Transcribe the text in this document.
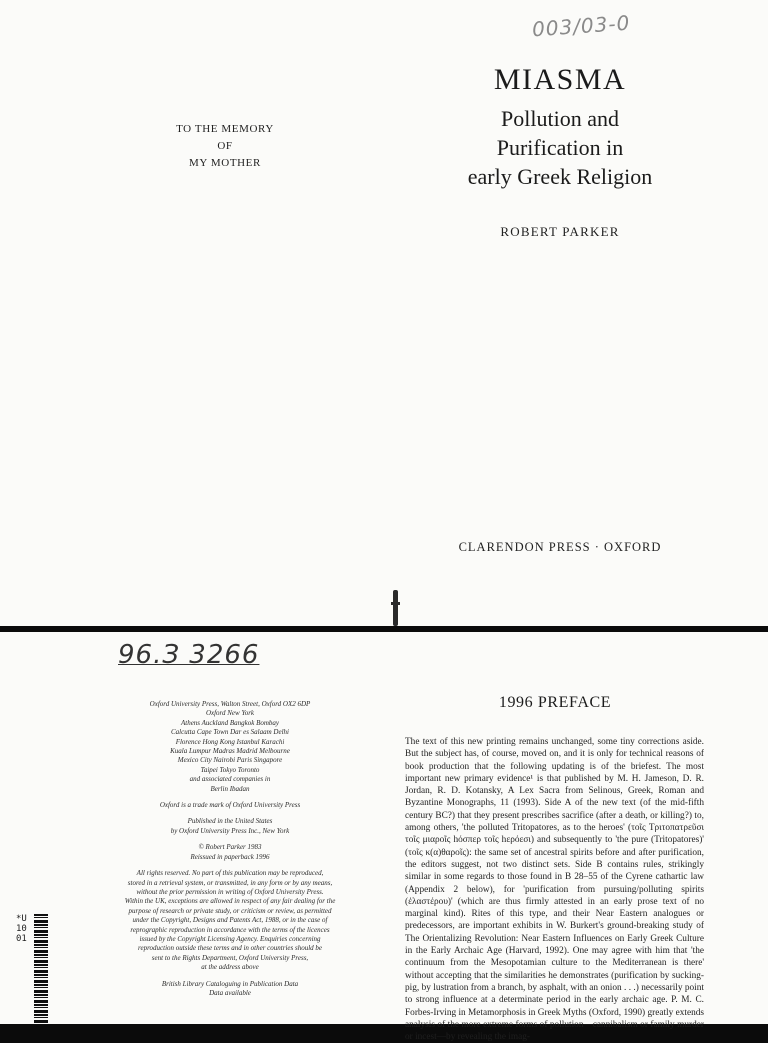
003/03-0
TO THE MEMORY
OF
MY MOTHER
MIASMA
Pollution and
Purification in
early Greek Religion
ROBERT PARKER
CLARENDON PRESS · OXFORD
96.З 3266
Oxford University Press, Walton Street, Oxford OX2 6DP
Oxford New York
Athens Auckland Bangkok Bombay
Calcutta Cape Town Dar es Salaam Delhi
Florence Hong Kong Istanbul Karachi
Kuala Lumpur Madras Madrid Melbourne
Mexico City Nairobi Paris Singapore
Taipei Tokyo Toronto
and associated companies in
Berlin Ibadan
Oxford is a trade mark of Oxford University Press
Published in the United States
by Oxford University Press Inc., New York
© Robert Parker 1983
Reissued in paperback 1996
All rights reserved. No part of this publication may be reproduced,
stored in a retrieval system, or transmitted, in any form or by any means,
without the prior permission in writing of Oxford University Press.
Within the UK, exceptions are allowed in respect of any fair dealing for the
purpose of research or private study, or criticism or review, as permitted
under the Copyright, Designs and Patents Act, 1988, or in the case of
reprographic reproduction in accordance with the terms of the licences
issued by the Copyright Licensing Agency. Enquiries concerning
reproduction outside these terms and in other countries should be
sent to the Rights Department, Oxford University Press,
at the address above
British Library Cataloguing in Publication Data
Data available
*U1001
1996 PREFACE

The text of this new printing remains unchanged, some tiny corrections aside. But the subject has, of course, moved on, and it is only for technical reasons of book production that the following updating is of the briefest. The most important new primary evidence¹ is that published by M. H. Jameson, D. R. Jordan, R. D. Kotansky, A Lex Sacra from Selinous, Greek, Roman and Byzantine Monographs, 11 (1993). Side A of the new text (of the mid-fifth century BC?) that they present prescribes sacrifice (after a death, or killing?) to, among others, 'the polluted Tritopatores, as to the heroes' (τοῖς Τριτοπατρεῦσι τοῖς μιαροῖς hόσπερ τοῖς hερόεσι) and subsequently to 'the pure (Tritopatores)' (τοῖς κ(α)θαροῖς): the same set of ancestral spirits before and after purification, the editors suggest, not two distinct sets. Side B contains rules, strikingly similar in some regards to those found in B 28–55 of the Cyrene cathartic law (Appendix 2 below), for 'purification from pursuing/polluting spirits (ἐλαστέρου)' (which are thus firmly attested in an early prose text of no marginal kind). Rites of this type, and their Near Eastern analogues or predecessors, are important exhibits in W. Burkert's ground-breaking study of The Orientalizing Revolution: Near Eastern Influences on Early Greek Culture in the Early Archaic Age (Harvard, 1992). One may agree with him that 'the continuum from the Mesopotamian culture to the Mediterranean is there' without accepting that the similarities he demonstrates (purification by sucking-pig, by lustration from a branch, by asphalt, with an onion . . .) necessarily point to strong influence at a determinate period in the early archaic age. P. M. C. Forbes-Irving in Metamorphosis in Greek Myths (Oxford, 1990) greatly extends analysis of the more extreme forms of pollution—cannibalism or family murder or incest—by revealing the imag-
